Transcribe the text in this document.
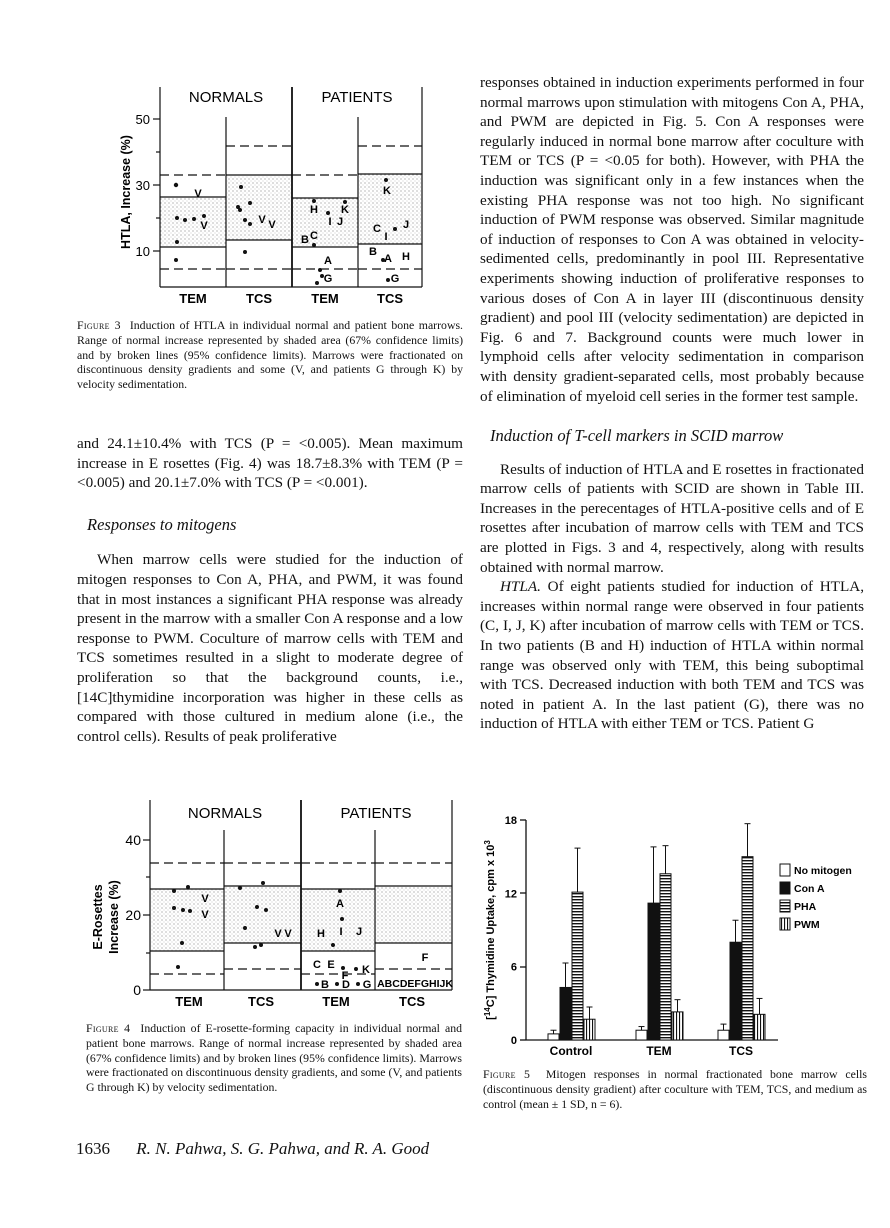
NORMALS	PATIENTS
50
30
10
HTLA, Increase (%)
TEM	TCS	TEM	TCS
V
V	V V
H K
I J
B C
A
G
K
C
I
J
B
A H
G
Figure 3 Induction of HTLA in individual normal and patient bone marrows. Range of normal increase represented by shaded area (67% confidence limits) and by broken lines (95% confidence limits). Marrows were fractionated on discontinuous density gradients and some (V, and patients G through K) by velocity sedimentation.

and 24.1±10.4% with TCS (P = <0.005). Mean maximum increase in E rosettes (Fig. 4) was 18.7±8.3% with TEM (P = <0.005) and 20.1±7.0% with TCS (P = <0.001).

Responses to mitogens

When marrow cells were studied for the induction of mitogen responses to Con A, PHA, and PWM, it was found that in most instances a significant PHA response was already present in the marrow with a smaller Con A response and a low response to PWM. Coculture of marrow cells with TEM and TCS sometimes resulted in a slight to moderate degree of proliferation so that the background counts, i.e., [14C]thymidine incorporation was higher in these cells as compared with those cultured in medium alone (i.e., the control cells). Results of peak proliferative

NORMALS	PATIENTS
40
20
0
E-Rosettes Increase (%)
TEM	TCS	TEM	TCS
V
V
V V
A
H I J
C E
F K
B D G
F
ABCDEFGHIJK
Figure 4 Induction of E-rosette-forming capacity in individual normal and patient bone marrows. Range of normal increase represented by shaded area (67% confidence limits) and by broken lines (95% confidence limits). Marrows were fractionated on discontinuous density gradients, and some (V, and patients G through K) by velocity sedimentation.

responses obtained in induction experiments performed in four normal marrows upon stimulation with mitogens Con A, PHA, and PWM are depicted in Fig. 5. Con A responses were regularly induced in normal bone marrow after coculture with TEM or TCS (P = <0.05 for both). However, with PHA the induction was significant only in a few instances when the existing PHA response was not too high. No significant induction of PWM response was observed. Similar magnitude of induction of responses to Con A was obtained in velocity-sedimented cells, predominantly in pool III. Representative experiments showing induction of proliferative responses to various doses of Con A in layer III (discontinuous density gradient) and pool III (velocity sedimentation) are depicted in Fig. 6 and 7. Background counts were much lower in lymphoid cells after velocity sedimentation in comparison with density gradient-separated cells, most probably because of elimination of myeloid cell series in the former test sample.

Induction of T-cell markers in SCID marrow

Results of induction of HTLA and E rosettes in fractionated marrow cells of patients with SCID are shown in Table III. Increases in the perecentages of HTLA-positive cells and of E rosettes after incubation of marrow cells with TEM and TCS are plotted in Figs. 3 and 4, respectively, along with results obtained with normal marrow.

HTLA. Of eight patients studied for induction of HTLA, increases within normal range were observed in four patients (C, I, J, K) after incubation of marrow cells with TEM or TCS. In two patients (B and H) induction of HTLA within normal range was observed only with TEM, this being suboptimal with TCS. Decreased induction with both TEM and TCS was noted in patient A. In the last patient (G), there was no induction of HTLA with either TEM or TCS. Patient G

[$^{14}$C] Thymidine Uptake, cpm x $10^3$
0
6
12
18
Control	TEM	TCS
No mitogen
Con A
PHA
PWM
Figure 5 Mitogen responses in normal fractionated bone marrow cells (discontinuous density gradient) after coculture with TEM, TCS, and medium as control (mean ± 1 SD, n = 6).
1636 R. N. Pahwa, S. G. Pahwa, and R. A. Good
